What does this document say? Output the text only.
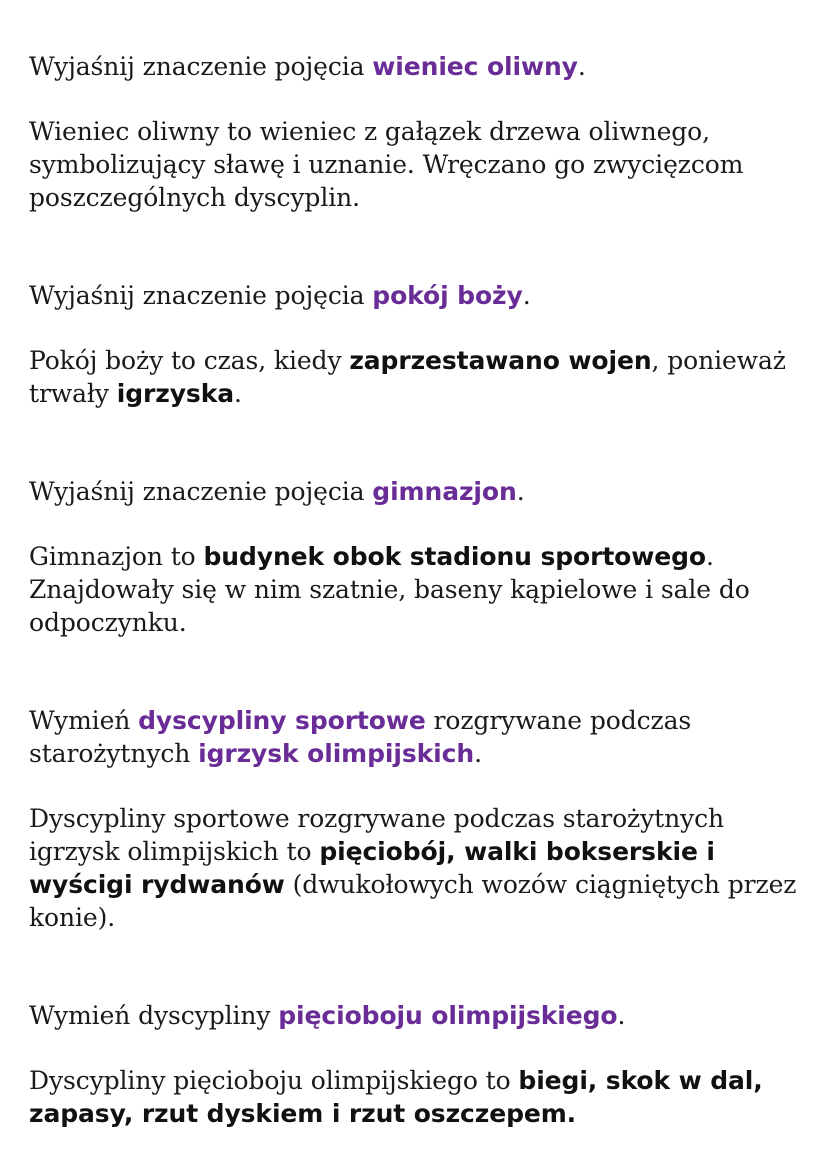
Wyjaśnij znaczenie pojęcia wieniec oliwny.

Wieniec oliwny to wieniec z gałązek drzewa oliwnego, symbolizujący sławę i uznanie. Wręczano go zwycięzcom poszczególnych dyscyplin.

Wyjaśnij znaczenie pojęcia pokój boży.

Pokój boży to czas, kiedy zaprzestawano wojen, ponieważ trwały igrzyska.

Wyjaśnij znaczenie pojęcia gimnazjon.

Gimnazjon to budynek obok stadionu sportowego. Znajdowały się w nim szatnie, baseny kąpielowe i sale do odpoczynku.

Wymień dyscypliny sportowe rozgrywane podczas starożytnych igrzysk olimpijskich.

Dyscypliny sportowe rozgrywane podczas starożytnych igrzysk olimpijskich to pięciobój, walki bokserskie i wyścigi rydwanów (dwukołowych wozów ciągniętych przez konie).

Wymień dyscypliny pięcioboju olimpijskiego.

Dyscypliny pięcioboju olimpijskiego to biegi, skok w dal, zapasy, rzut dyskiem i rzut oszczepem.
